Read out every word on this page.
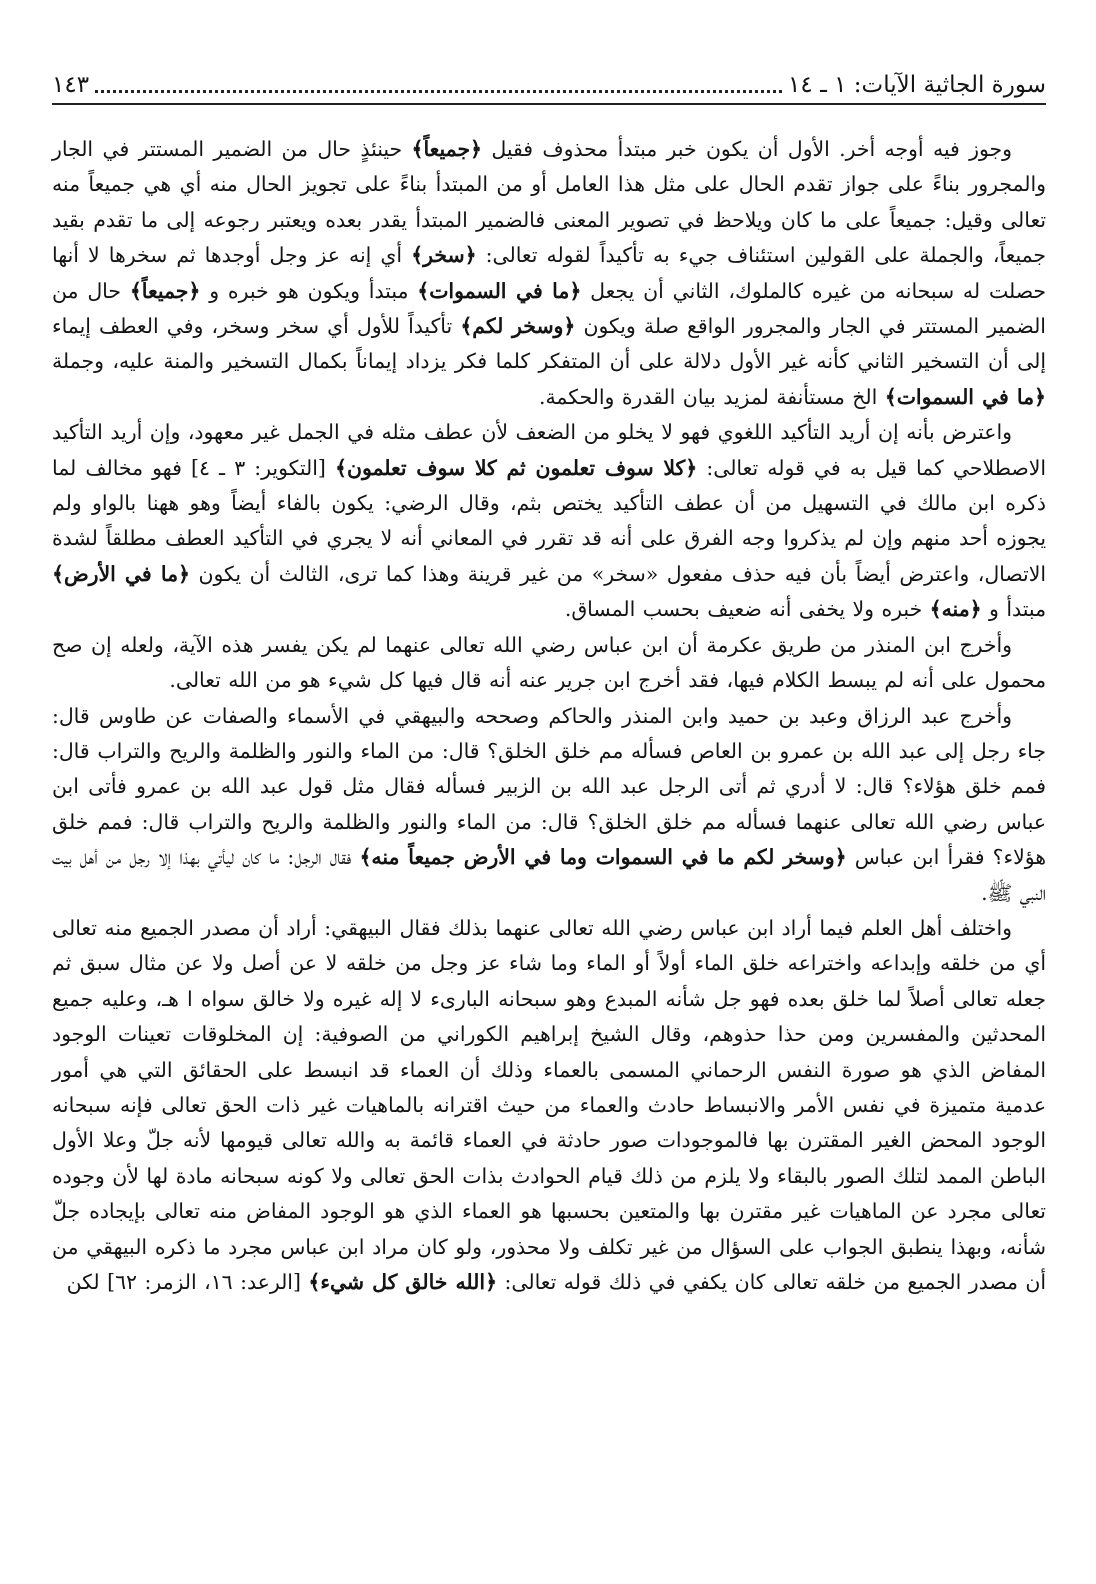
سورة الجاثية الآيات: ١ ـ ١٤
١٤٣

وجوز فيه أوجه أخر. الأول أن يكون خبر مبتدأ محذوف فقيل ﴿جميعاً﴾ حينئذٍ حال من الضمير المستتر في الجار والمجرور بناءً على جواز تقدم الحال على مثل هذا العامل أو من المبتدأ بناءً على تجويز الحال منه أي هي جميعاً منه تعالى وقيل: جميعاً على ما كان ويلاحظ في تصوير المعنى فالضمير المبتدأ يقدر بعده ويعتبر رجوعه إلى ما تقدم بقيد جميعاً، والجملة على القولين استئناف جيء به تأكيداً لقوله تعالى: ﴿سخر﴾ أي إنه عز وجل أوجدها ثم سخرها لا أنها حصلت له سبحانه من غيره كالملوك، الثاني أن يجعل ﴿ما في السموات﴾ مبتدأ ويكون هو خبره و ﴿جميعاً﴾ حال من الضمير المستتر في الجار والمجرور الواقع صلة ويكون ﴿وسخر لكم﴾ تأكيداً للأول أي سخر وسخر، وفي العطف إيماء إلى أن التسخير الثاني كأنه غير الأول دلالة على أن المتفكر كلما فكر يزداد إيماناً بكمال التسخير والمنة عليه، وجملة ﴿ما في السموات﴾ الخ مستأنفة لمزيد بيان القدرة والحكمة.

واعترض بأنه إن أريد التأكيد اللغوي فهو لا يخلو من الضعف لأن عطف مثله في الجمل غير معهود، وإن أريد التأكيد الاصطلاحي كما قيل به في قوله تعالى: ﴿كلا سوف تعلمون ثم كلا سوف تعلمون﴾ [التكوير: ٣ ـ ٤] فهو مخالف لما ذكره ابن مالك في التسهيل من أن عطف التأكيد يختص بثم، وقال الرضي: يكون بالفاء أيضاً وهو ههنا بالواو ولم يجوزه أحد منهم وإن لم يذكروا وجه الفرق على أنه قد تقرر في المعاني أنه لا يجري في التأكيد العطف مطلقاً لشدة الاتصال، واعترض أيضاً بأن فيه حذف مفعول «سخر» من غير قرينة وهذا كما ترى، الثالث أن يكون ﴿ما في الأرض﴾ مبتدأ و ﴿منه﴾ خبره ولا يخفى أنه ضعيف بحسب المساق.

وأخرج ابن المنذر من طريق عكرمة أن ابن عباس رضي الله تعالى عنهما لم يكن يفسر هذه الآية، ولعله إن صح محمول على أنه لم يبسط الكلام فيها، فقد أخرج ابن جرير عنه أنه قال فيها كل شيء هو من الله تعالى.

وأخرج عبد الرزاق وعبد بن حميد وابن المنذر والحاكم وصححه والبيهقي في الأسماء والصفات عن طاوس قال: جاء رجل إلى عبد الله بن عمرو بن العاص فسأله مم خلق الخلق؟ قال: من الماء والنور والظلمة والريح والتراب قال: فمم خلق هؤلاء؟ قال: لا أدري ثم أتى الرجل عبد الله بن الزبير فسأله فقال مثل قول عبد الله بن عمرو فأتى ابن عباس رضي الله تعالى عنهما فسأله مم خلق الخلق؟ قال: من الماء والنور والظلمة والريح والتراب قال: فمم خلق هؤلاء؟ فقرأ ابن عباس ﴿وسخر لكم ما في السموات وما في الأرض جميعاً منه﴾ فقال الرجل: ما كان ليأتي بهذا إلا رجل من أهل بيت النبي ﷺ.

واختلف أهل العلم فيما أراد ابن عباس رضي الله تعالى عنهما بذلك فقال البيهقي: أراد أن مصدر الجميع منه تعالى أي من خلقه وإبداعه واختراعه خلق الماء أولاً أو الماء وما شاء عز وجل من خلقه لا عن أصل ولا عن مثال سبق ثم جعله تعالى أصلاً لما خلق بعده فهو جل شأنه المبدع وهو سبحانه البارىء لا إله غيره ولا خالق سواه ا هـ، وعليه جميع المحدثين والمفسرين ومن حذا حذوهم، وقال الشيخ إبراهيم الكوراني من الصوفية: إن المخلوقات تعينات الوجود المفاض الذي هو صورة النفس الرحماني المسمى بالعماء وذلك أن العماء قد انبسط على الحقائق التي هي أمور عدمية متميزة في نفس الأمر والانبساط حادث والعماء من حيث اقترانه بالماهيات غير ذات الحق تعالى فإنه سبحانه الوجود المحض الغير المقترن بها فالموجودات صور حادثة في العماء قائمة به والله تعالى قيومها لأنه جلّ وعلا الأول الباطن الممد لتلك الصور بالبقاء ولا يلزم من ذلك قيام الحوادث بذات الحق تعالى ولا كونه سبحانه مادة لها لأن وجوده تعالى مجرد عن الماهيات غير مقترن بها والمتعين بحسبها هو العماء الذي هو الوجود المفاض منه تعالى بإيجاده جلّ شأنه، وبهذا ينطبق الجواب على السؤال من غير تكلف ولا محذور، ولو كان مراد ابن عباس مجرد ما ذكره البيهقي من أن مصدر الجميع من خلقه تعالى كان يكفي في ذلك قوله تعالى: ﴿الله خالق كل شيء﴾ [الرعد: ١٦، الزمر: ٦٢] لكن
